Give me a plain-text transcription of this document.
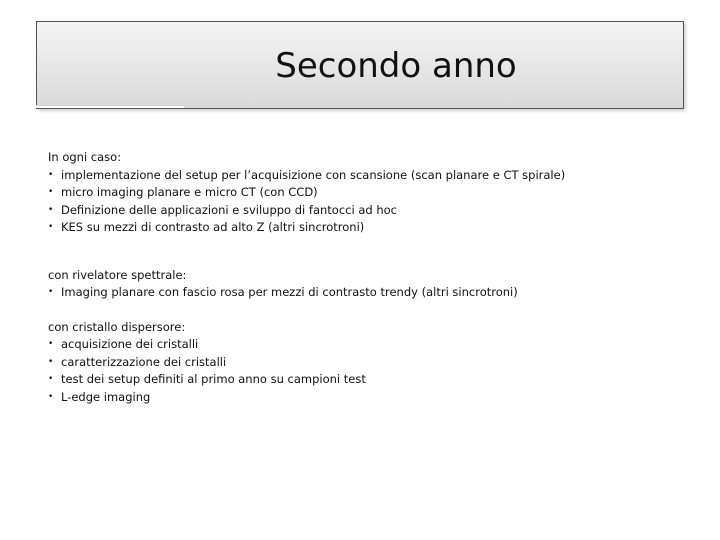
Secondo anno
In ogni caso:
• implementazione del setup per l’acquisizione con scansione (scan planare e CT spirale)
• micro imaging planare e micro CT (con CCD)
• Definizione delle applicazioni e sviluppo di fantocci ad hoc
• KES su mezzi di contrasto ad alto Z (altri sincrotroni)
con rivelatore spettrale:
• Imaging planare con fascio rosa per mezzi di contrasto trendy (altri sincrotroni)
con cristallo dispersore:
• acquisizione dei cristalli
• caratterizzazione dei cristalli
• test dei setup definiti al primo anno su campioni test
• L-edge imaging
